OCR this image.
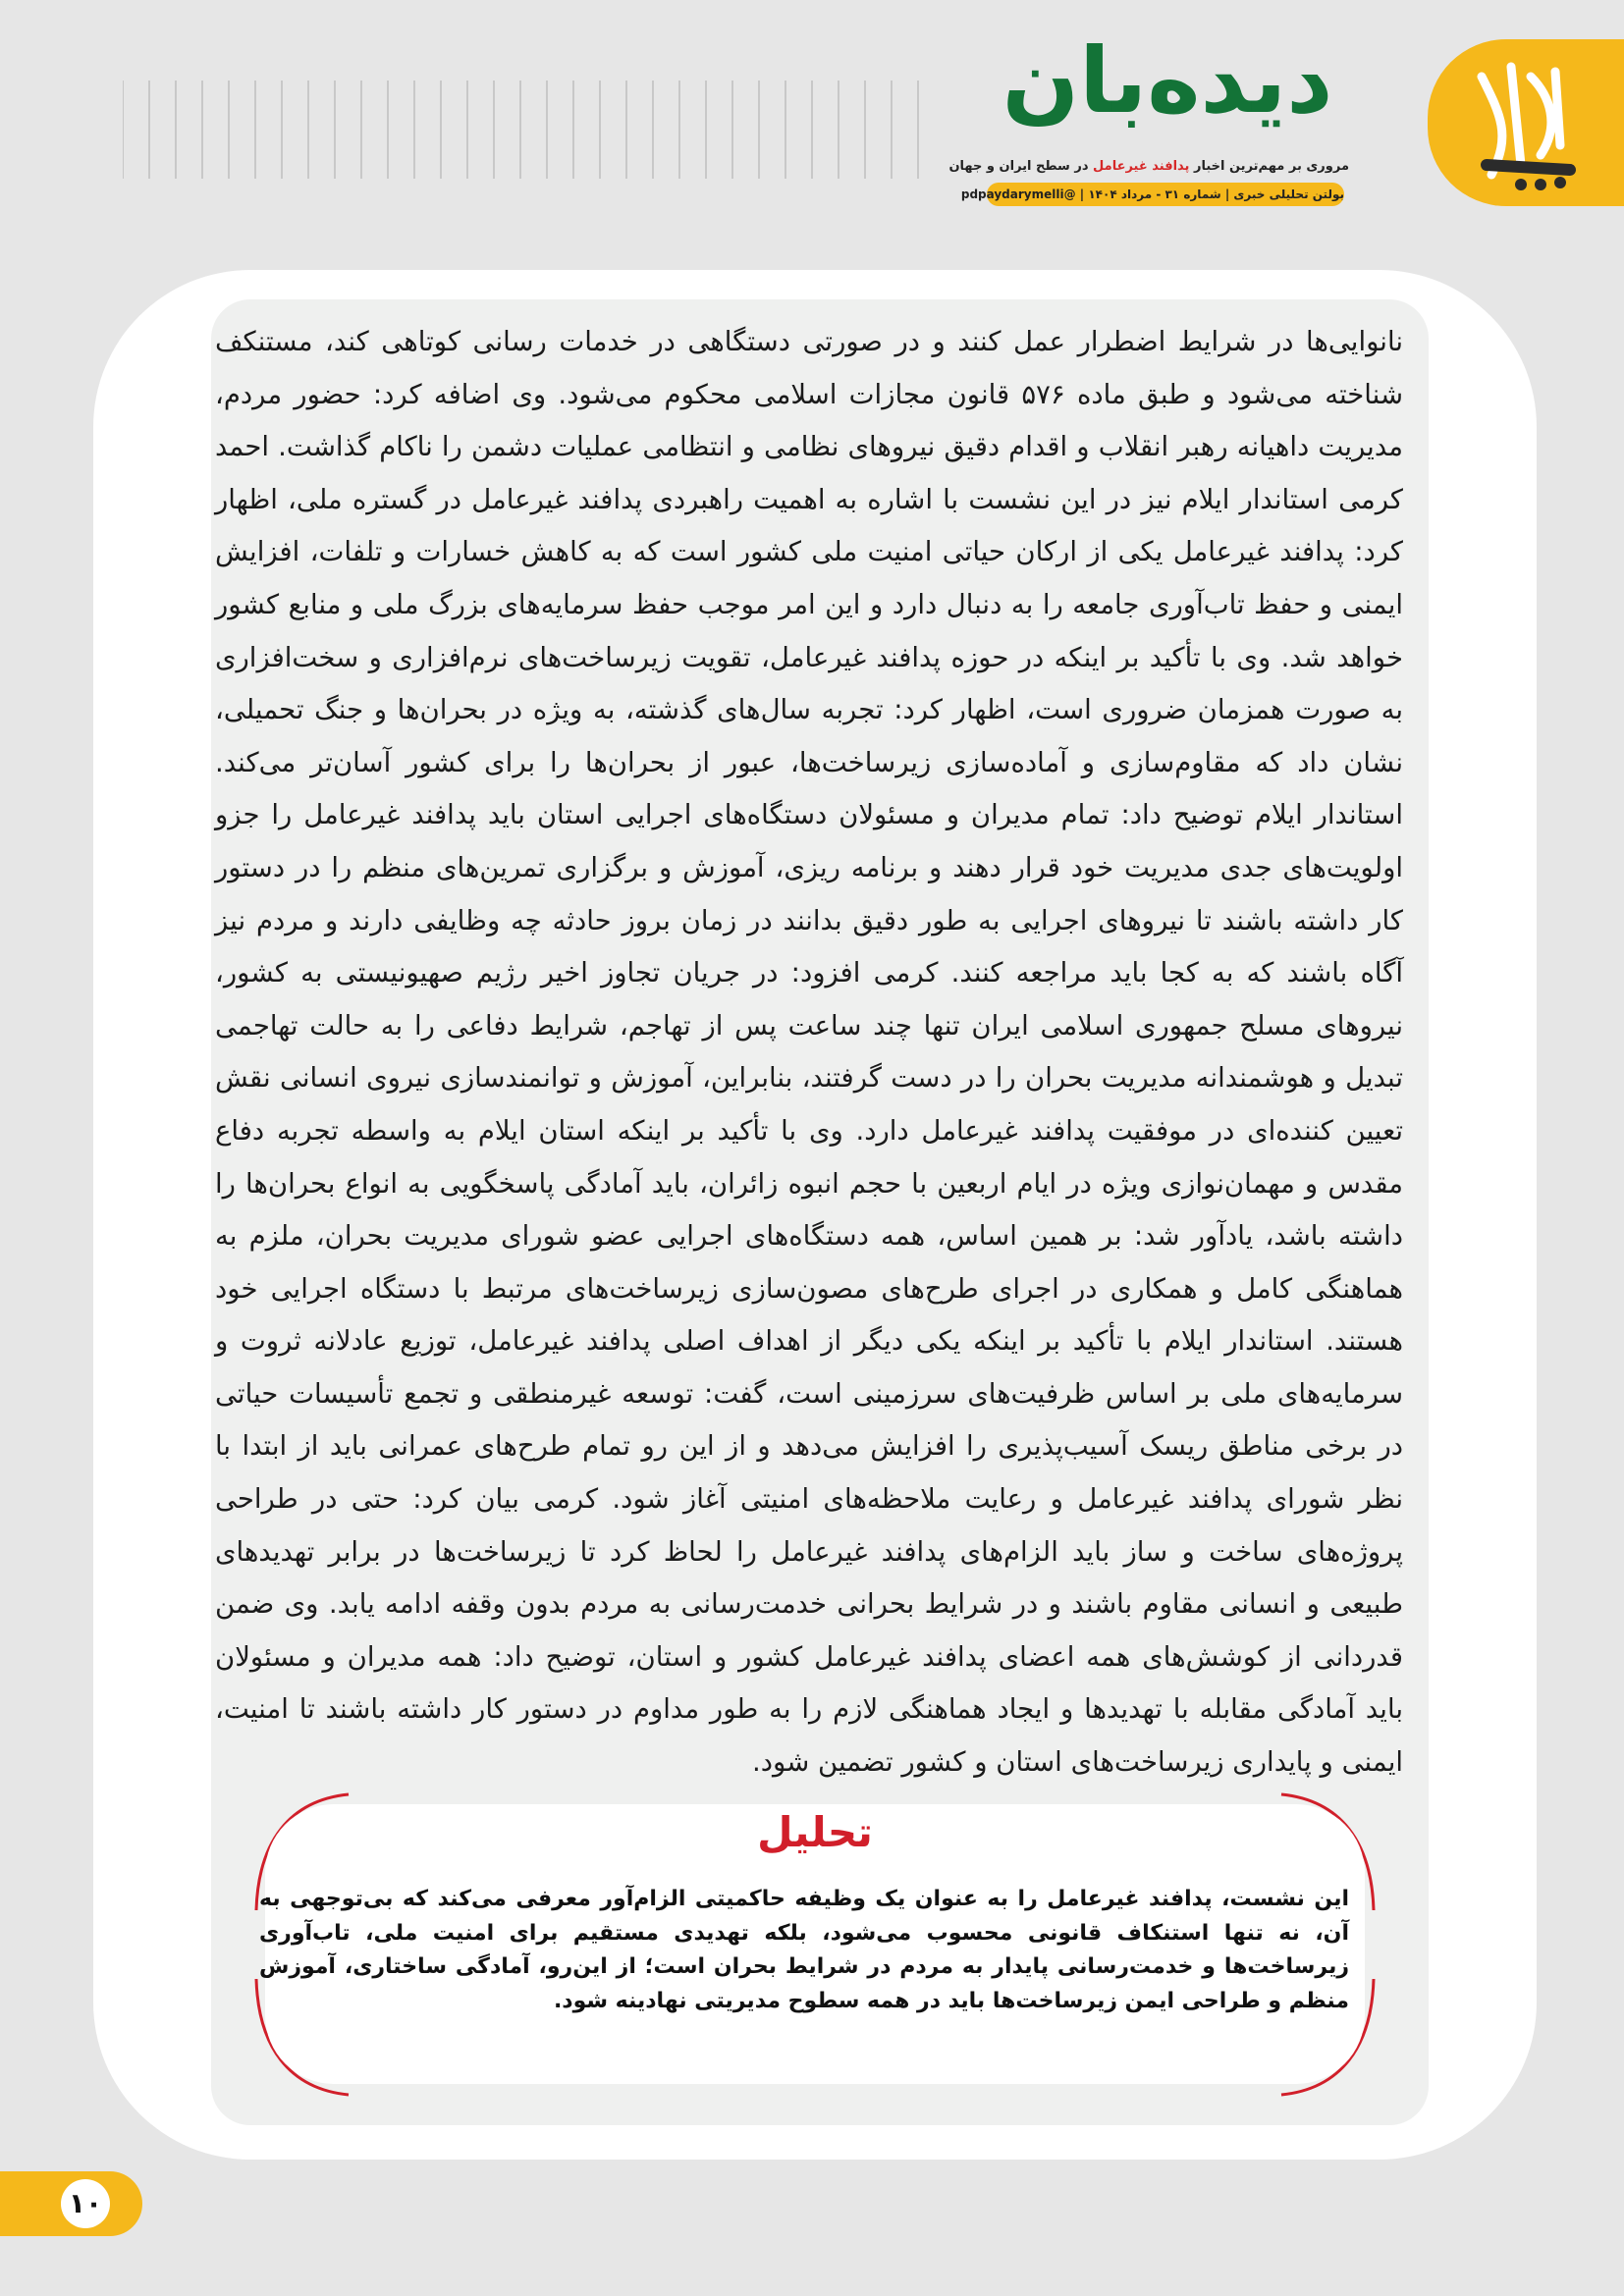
دیده‌بان
مروری بر مهم‌ترین اخبار پدافند غیرعامل در سطح ایران و جهان
بولتن تحلیلی خبری | شماره ۳۱ - مرداد ۱۴۰۴ | @pdpaydarymelli

نانوایی‌ها در شرایط اضطرار عمل کنند و در صورتی دستگاهی در خدمات رسانی کوتاهی کند، مستنکف شناخته می‌شود و طبق ماده ۵۷۶ قانون مجازات اسلامی محکوم می‌شود. وی اضافه کرد: حضور مردم، مدیریت داهیانه رهبر انقلاب و اقدام دقیق نیروهای نظامی و انتظامی عملیات دشمن را ناکام گذاشت. احمد کرمی استاندار ایلام نیز در این نشست با اشاره به اهمیت راهبردی پدافند غیرعامل در گستره ملی، اظهار کرد: پدافند غیرعامل یکی از ارکان حیاتی امنیت ملی کشور است که به کاهش خسارات و تلفات، افزایش ایمنی و حفظ تاب‌آوری جامعه را به دنبال دارد و این امر موجب حفظ سرمایه‌های بزرگ ملی و منابع کشور خواهد شد. وی با تأکید بر اینکه در حوزه پدافند غیرعامل، تقویت زیرساخت‌های نرم‌افزاری و سخت‌افزاری به صورت همزمان ضروری است، اظهار کرد: تجربه سال‌های گذشته، به ویژه در بحران‌ها و جنگ تحمیلی، نشان داد که مقاوم‌سازی و آماده‌سازی زیرساخت‌ها، عبور از بحران‌ها را برای کشور آسان‌تر می‌کند. استاندار ایلام توضیح داد: تمام مدیران و مسئولان دستگاه‌های اجرایی استان باید پدافند غیرعامل را جزو اولویت‌های جدی مدیریت خود قرار دهند و برنامه ریزی، آموزش و برگزاری تمرین‌های منظم را در دستور کار داشته باشند تا نیروهای اجرایی به طور دقیق بدانند در زمان بروز حادثه چه وظایفی دارند و مردم نیز آگاه باشند که به کجا باید مراجعه کنند. کرمی افزود: در جریان تجاوز اخیر رژیم صهیونیستی به کشور، نیروهای مسلح جمهوری اسلامی ایران تنها چند ساعت پس از تهاجم، شرایط دفاعی را به حالت تهاجمی تبدیل و هوشمندانه مدیریت بحران را در دست گرفتند، بنابراین، آموزش و توانمندسازی نیروی انسانی نقش تعیین کننده‌ای در موفقیت پدافند غیرعامل دارد. وی با تأکید بر اینکه استان ایلام به واسطه تجربه دفاع مقدس و مهمان‌نوازی ویژه در ایام اربعین با حجم انبوه زائران، باید آمادگی پاسخگویی به انواع بحران‌ها را داشته باشد، یادآور شد: بر همین اساس، همه دستگاه‌های اجرایی عضو شورای مدیریت بحران، ملزم به هماهنگی کامل و همکاری در اجرای طرح‌های مصون‌سازی زیرساخت‌های مرتبط با دستگاه اجرایی خود هستند. استاندار ایلام با تأکید بر اینکه یکی دیگر از اهداف اصلی پدافند غیرعامل، توزیع عادلانه ثروت و سرمایه‌های ملی بر اساس ظرفیت‌های سرزمینی است، گفت: توسعه غیرمنطقی و تجمع تأسیسات حیاتی در برخی مناطق ریسک آسیب‌پذیری را افزایش می‌دهد و از این رو تمام طرح‌های عمرانی باید از ابتدا با نظر شورای پدافند غیرعامل و رعایت ملاحظه‌های امنیتی آغاز شود. کرمی بیان کرد: حتی در طراحی پروژه‌های ساخت و ساز باید الزام‌های پدافند غیرعامل را لحاظ کرد تا زیرساخت‌ها در برابر تهدیدهای طبیعی و انسانی مقاوم باشند و در شرایط بحرانی خدمت‌رسانی به مردم بدون وقفه ادامه یابد. وی ضمن قدردانی از کوشش‌های همه اعضای پدافند غیرعامل کشور و استان، توضیح داد: همه مدیران و مسئولان باید آمادگی مقابله با تهدیدها و ایجاد هماهنگی لازم را به طور مداوم در دستور کار داشته باشند تا امنیت، ایمنی و پایداری زیرساخت‌های استان و کشور تضمین شود.

تحلیل
این نشست، پدافند غیرعامل را به عنوان یک وظیفه حاکمیتی الزام‌آور معرفی می‌کند که بی‌توجهی به آن، نه تنها استنکاف قانونی محسوب می‌شود، بلکه تهدیدی مستقیم برای امنیت ملی، تاب‌آوری زیرساخت‌ها و خدمت‌رسانی پایدار به مردم در شرایط بحران است؛ از این‌رو، آمادگی ساختاری، آموزش منظم و طراحی ایمن زیرساخت‌ها باید در همه سطوح مدیریتی نهادینه شود.
۱۰
